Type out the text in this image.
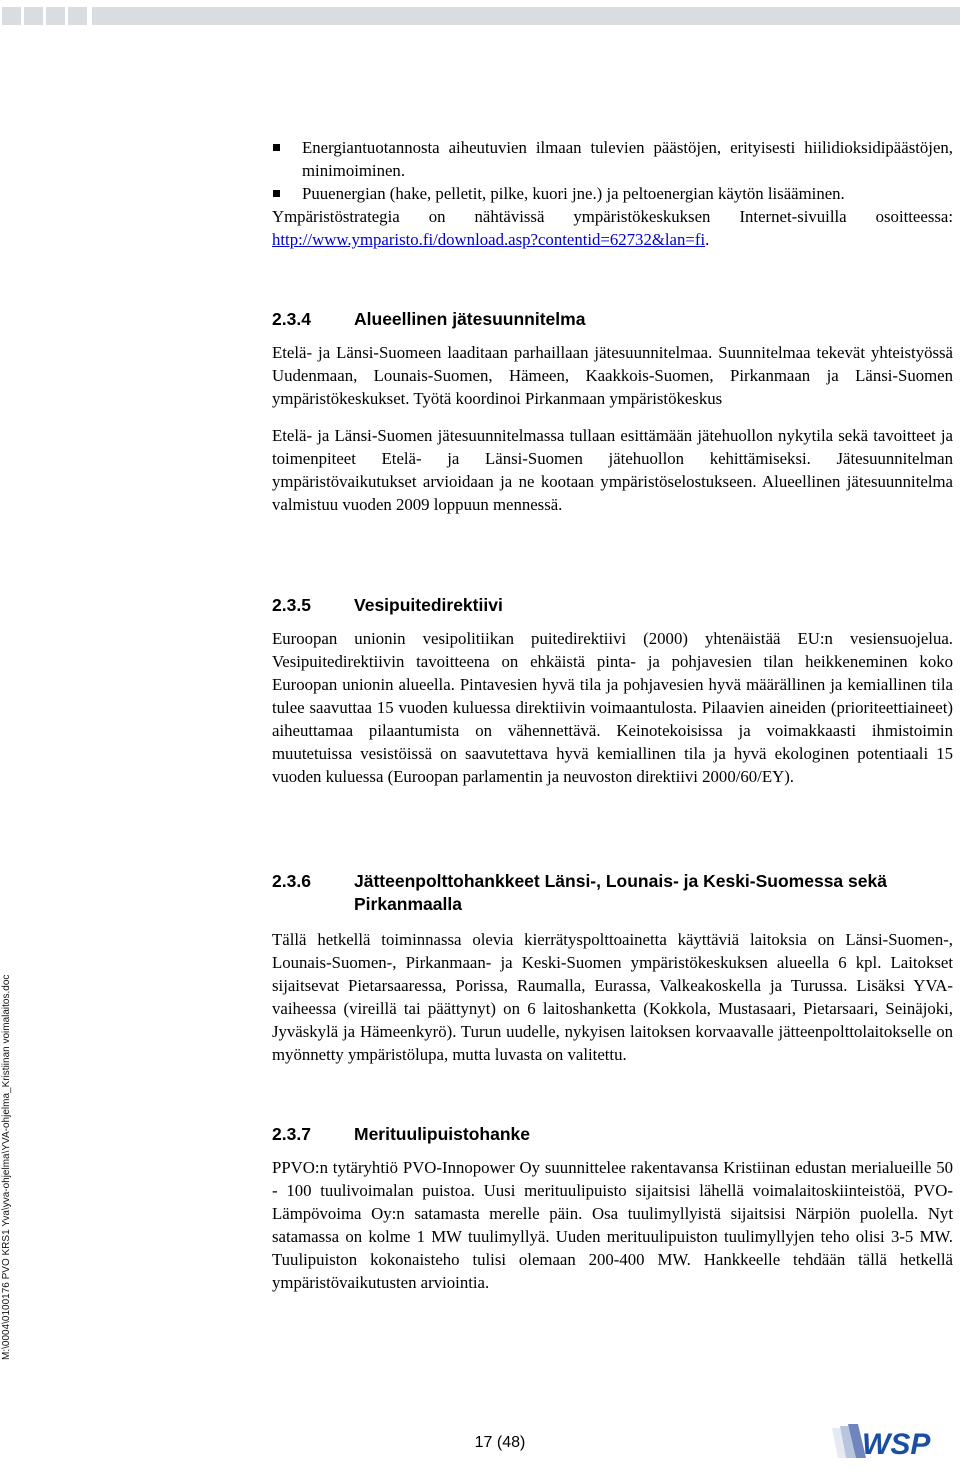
Energiantuotannosta aiheutuvien ilmaan tulevien päästöjen, erityisesti hiilidioksidipäästöjen, minimoiminen.
Puuenergian (hake, pelletit, pilke, kuori jne.) ja peltoenergian käytön lisääminen.

Ympäristöstrategia on nähtävissä ympäristökeskuksen Internet-sivuilla osoitteessa: http://www.ymparisto.fi/download.asp?contentid=62732&lan=fi.

2.3.4 Alueellinen jätesuunnitelma

Etelä- ja Länsi-Suomeen laaditaan parhaillaan jätesuunnitelmaa. Suunnitelmaa tekevät yhteistyössä Uudenmaan, Lounais-Suomen, Hämeen, Kaakkois-Suomen, Pirkanmaan ja Länsi-Suomen ympäristökeskukset. Työtä koordinoi Pirkanmaan ympäristökeskus

Etelä- ja Länsi-Suomen jätesuunnitelmassa tullaan esittämään jätehuollon nykytila sekä tavoitteet ja toimenpiteet Etelä- ja Länsi-Suomen jätehuollon kehittämiseksi. Jätesuunnitelman ympäristövaikutukset arvioidaan ja ne kootaan ympäristöselostukseen. Alueellinen jätesuunnitelma valmistuu vuoden 2009 loppuun mennessä.

2.3.5 Vesipuitedirektiivi

Euroopan unionin vesipolitiikan puitedirektiivi (2000) yhtenäistää EU:n vesiensuojelua. Vesipuitedirektiivin tavoitteena on ehkäistä pinta- ja pohjavesien tilan heikkeneminen koko Euroopan unionin alueella. Pintavesien hyvä tila ja pohjavesien hyvä määrällinen ja kemiallinen tila tulee saavuttaa 15 vuoden kuluessa direktiivin voimaantulosta. Pilaavien aineiden (prioriteettiaineet) aiheuttamaa pilaantumista on vähennettävä. Keinotekoisissa ja voimakkaasti ihmistoimin muutetuissa vesistöissä on saavutettava hyvä kemiallinen tila ja hyvä ekologinen potentiaali 15 vuoden kuluessa (Euroopan parlamentin ja neuvoston direktiivi 2000/60/EY).

2.3.6 Jätteenpolttohankkeet Länsi-, Lounais- ja Keski-Suomessa sekä Pirkanmaalla

Tällä hetkellä toiminnassa olevia kierrätyspolttoainetta käyttäviä laitoksia on Länsi-Suomen-, Lounais-Suomen-, Pirkanmaan- ja Keski-Suomen ympäristökeskuksen alueella 6 kpl. Laitokset sijaitsevat Pietarsaaressa, Porissa, Raumalla, Eurassa, Valkeakoskella ja Turussa. Lisäksi YVA-vaiheessa (vireillä tai päättynyt) on 6 laitoshanketta (Kokkola, Mustasaari, Pietarsaari, Seinäjoki, Jyväskylä ja Hämeenkyrö). Turun uudelle, nykyisen laitoksen korvaavalle jätteenpolttolaitokselle on myönnetty ympäristölupa, mutta luvasta on valitettu.

2.3.7 Merituulipuistohanke

PPVO:n tytäryhtiö PVO-Innopower Oy suunnittelee rakentavansa Kristiinan edustan merialueille 50 - 100 tuulivoimalan puistoa. Uusi merituulipuisto sijaitsisi lähellä voimalaitoskiinteistöä, PVO-Lämpövoima Oy:n satamasta merelle päin. Osa tuulimyllyistä sijaitsisi Närpiön puolella. Nyt satamassa on kolme 1 MW tuulimyllyä. Uuden merituulipuiston tuulimyllyjen teho olisi 3-5 MW. Tuulipuiston kokonaisteho tulisi olemaan 200-400 MW. Hankkeelle tehdään tällä hetkellä ympäristövaikutusten arviointia.

M:\0004\0100176 PVO KRS1 Yva\yva-ohjelma\YVA-ohjelma_Kristiinan voimalaitos.doc
17 (48)	WSP
